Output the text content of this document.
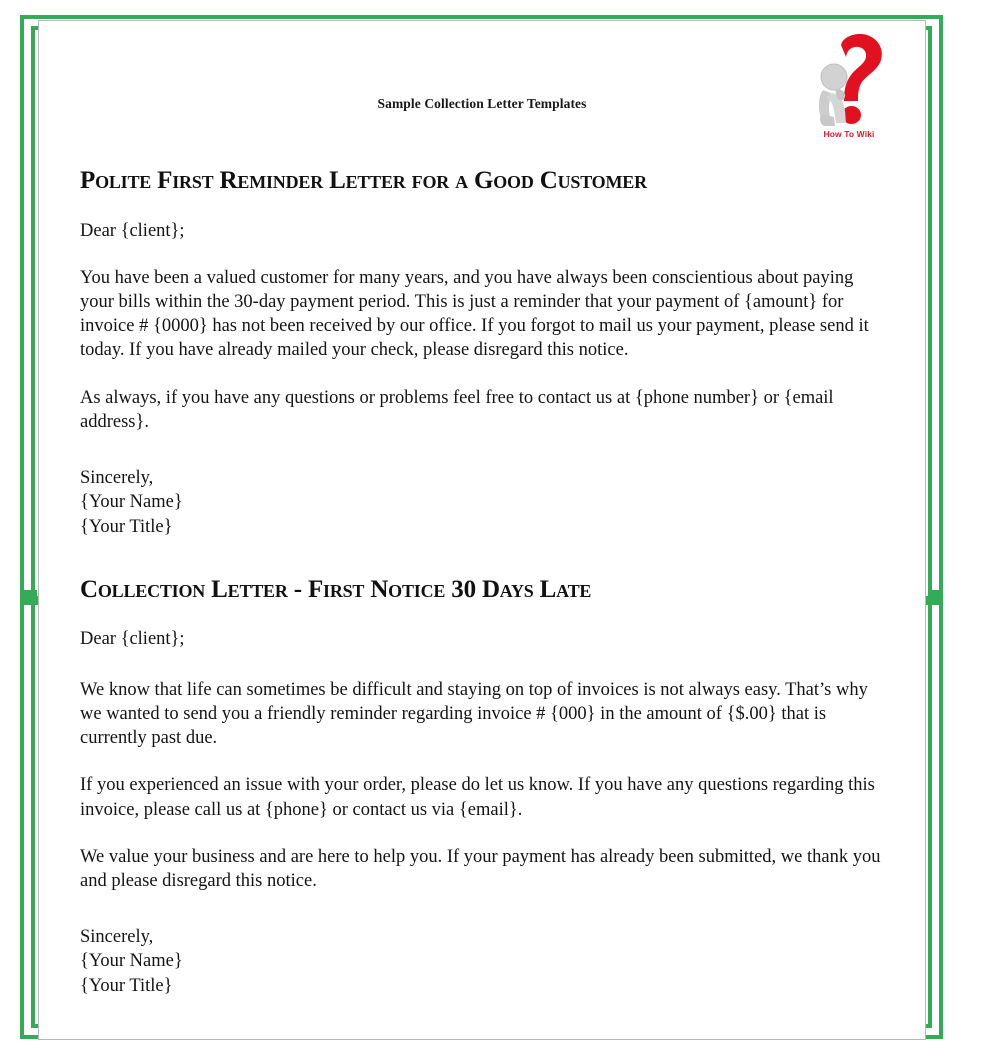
Sample Collection Letter Templates
How To Wiki
Polite First Reminder Letter for a Good Customer

Dear {client};

You have been a valued customer for many years, and you have always been conscientious about paying your bills within the 30-day payment period. This is just a reminder that your payment of {amount} for invoice # {0000} has not been received by our office. If you forgot to mail us your payment, please send it today. If you have already mailed your check, please disregard this notice.

As always, if you have any questions or problems feel free to contact us at {phone number} or {email address}.

Sincerely,
{Your Name}
{Your Title}
Collection Letter - First Notice 30 Days Late

Dear {client};

We know that life can sometimes be difficult and staying on top of invoices is not always easy. That’s why we wanted to send you a friendly reminder regarding invoice # {000} in the amount of {$.00} that is currently past due.

If you experienced an issue with your order, please do let us know. If you have any questions regarding this invoice, please call us at {phone} or contact us via {email}.

We value your business and are here to help you. If your payment has already been submitted, we thank you and please disregard this notice.

Sincerely,
{Your Name}
{Your Title}
